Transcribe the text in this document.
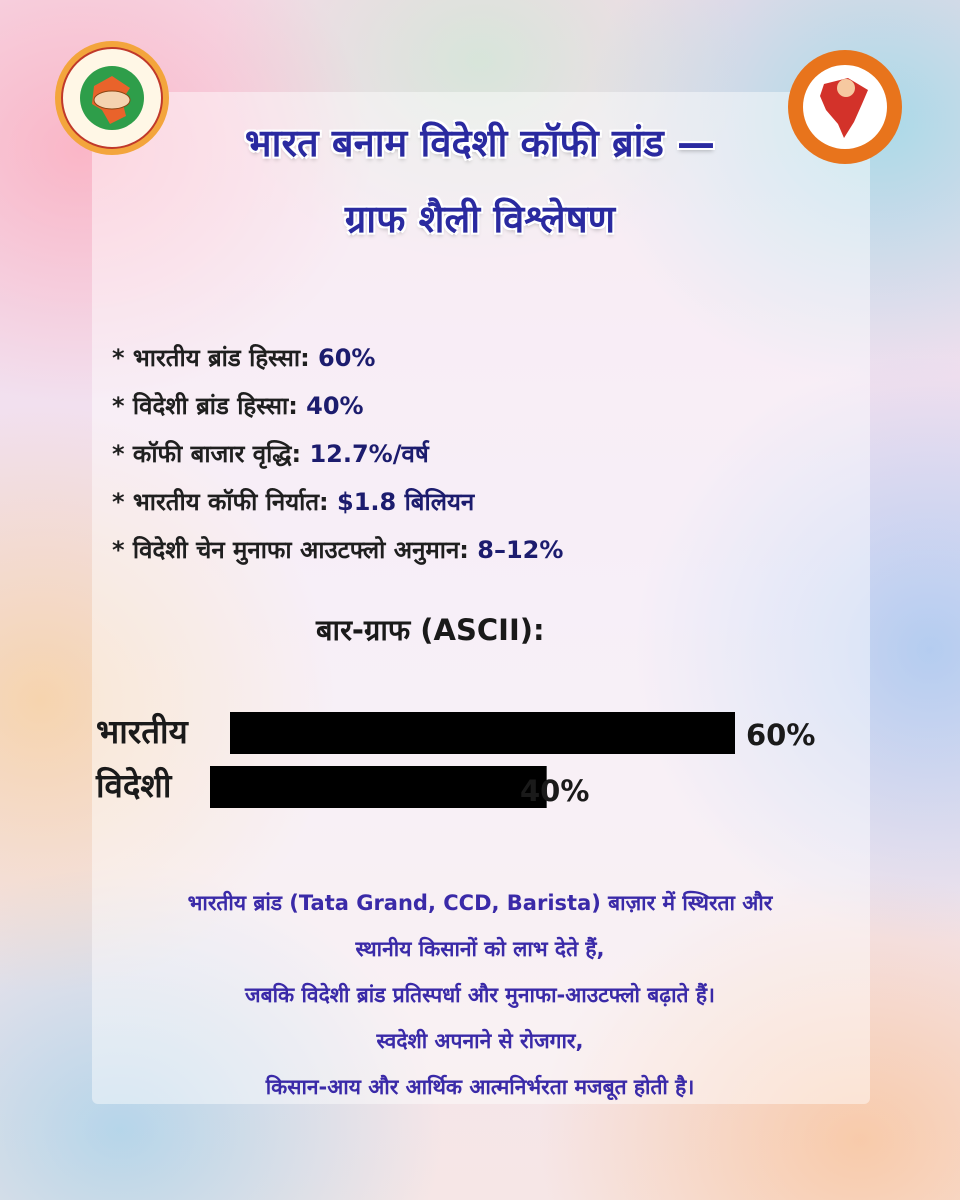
भारत बनाम विदेशी कॉफी ब्रांड —
ग्राफ शैली विश्लेषण
* भारतीय ब्रांड हिस्सा: 60%
* विदेशी ब्रांड हिस्सा: 40%
* कॉफी बाजार वृद्धि: 12.7%/वर्ष
* भारतीय कॉफी निर्यात: $1.8 बिलियन
* विदेशी चेन मुनाफा आउटफ्लो अनुमान: 8–12%
बार-ग्राफ (ASCII):
भारतीय
विदेशी
60%
40%
भारतीय ब्रांड (Tata Grand, CCD, Barista) बाज़ार में स्थिरता और
स्थानीय किसानों को लाभ देते हैं,
जबकि विदेशी ब्रांड प्रतिस्पर्धा और मुनाफा-आउटफ्लो बढ़ाते हैं।
स्वदेशी अपनाने से रोजगार,
किसान-आय और आर्थिक आत्मनिर्भरता मजबूत होती है।
